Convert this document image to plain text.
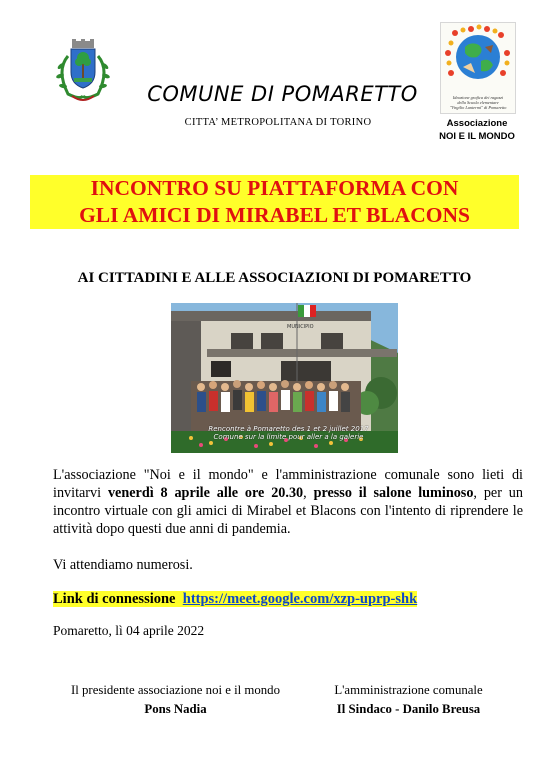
COMUNE DI POMARETTO
CITTA’ METROPOLITANA DI TORINO
Ideazione grafica dei ragazzi
della Scuola elementare
"Virgilio Lantermi" di Pomaretto
Associazione
NOI E IL MONDO
INCONTRO SU PIATTAFORMA CON
GLI AMICI DI MIRABEL ET BLACONS
AI CITTADINI E ALLE ASSOCIAZIONI DI POMARETTO
MUNICIPIO
Rencontre à Pomaretto des 1 et 2 juillet 2017
Comune sur la limite pour aller a la galerie
L'associazione "Noi e il mondo" e l'amministrazione comunale sono lieti di invitarvi venerdì 8 aprile alle ore 20.30, presso il salone luminoso, per un incontro virtuale con gli amici di Mirabel et Blacons con l'intento di riprendere le attività dopo questi due anni di pandemia.
Vi attendiamo numerosi.
Link di connessione https://meet.google.com/xzp-uprp-shk
Pomaretto, lì 04 aprile 2022
Il presidente associazione noi e il mondo
Pons Nadia
L'amministrazione comunale
Il Sindaco - Danilo Breusa
